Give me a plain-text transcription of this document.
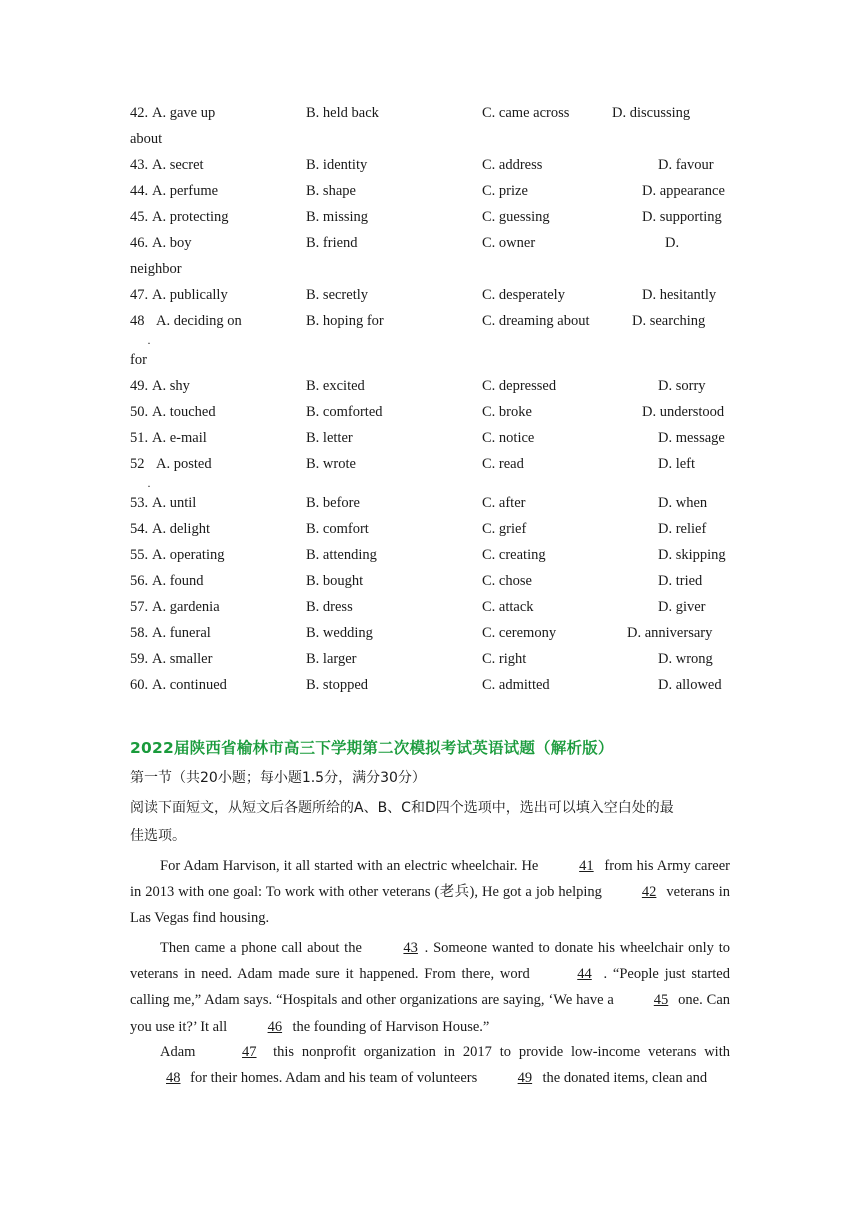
42. A. gave up	B. held back	C. came across	D. discussing
about
43. A. secret	B. identity	C. address	D. favour
44. A. perfume	B. shape	C. prize	D. appearance
45. A. protecting	B. missing	C. guessing	D. supporting
46. A. boy	B. friend	C. owner	D.
neighbor
47. A. publically	B. secretly	C. desperately	D. hesitantly
48 A. deciding on	B. hoping for	C. dreaming about	D. searching
for
·
49. A. shy	B. excited	C. depressed	D. sorry
50. A. touched	B. comforted	C. broke	D. understood
51. A. e-mail	B. letter	C. notice	D. message
52 A. posted	B. wrote	C. read	D. left
·
53. A. until	B. before	C. after	D. when
54. A. delight	B. comfort	C. grief	D. relief
55. A. operating	B. attending	C. creating	D. skipping
56. A. found	B. bought	C. chose	D. tried
57. A. gardenia	B. dress	C. attack	D. giver
58. A. funeral	B. wedding	C. ceremony	D. anniversary
59. A. smaller	B. larger	C. right	D. wrong
60. A. continued	B. stopped	C. admitted	D. allowed
2022届陕西省榆林市高三下学期第二次模拟考试英语试题（解析版）
第一节（共20小题；每小题1.5分，满分30分）
阅读下面短文，从短文后各题所给的A、B、C和D四个选项中，选出可以填入空白处的最
佳选项。
For Adam Harvison, it all started with an electric wheelchair. He	41 from his Army career in 2013 with one goal: To work with other veterans (老兵), He got a job helping 42 veterans in Las Vegas find housing.
Then came a phone call about the	43 . Someone wanted to donate his wheelchair only to veterans in need. Adam made sure it happened. From there, word	44 . “People just started calling me,” Adam says. “Hospitals and other organizations are saying, ‘We have a 45 one. Can you use it?’ It all	46 the founding of Harvison House.”
Adam	47 this nonprofit organization in 2017 to provide low-income veterans with 48 for their homes. Adam and his team of volunteers	49 the donated items, clean and
